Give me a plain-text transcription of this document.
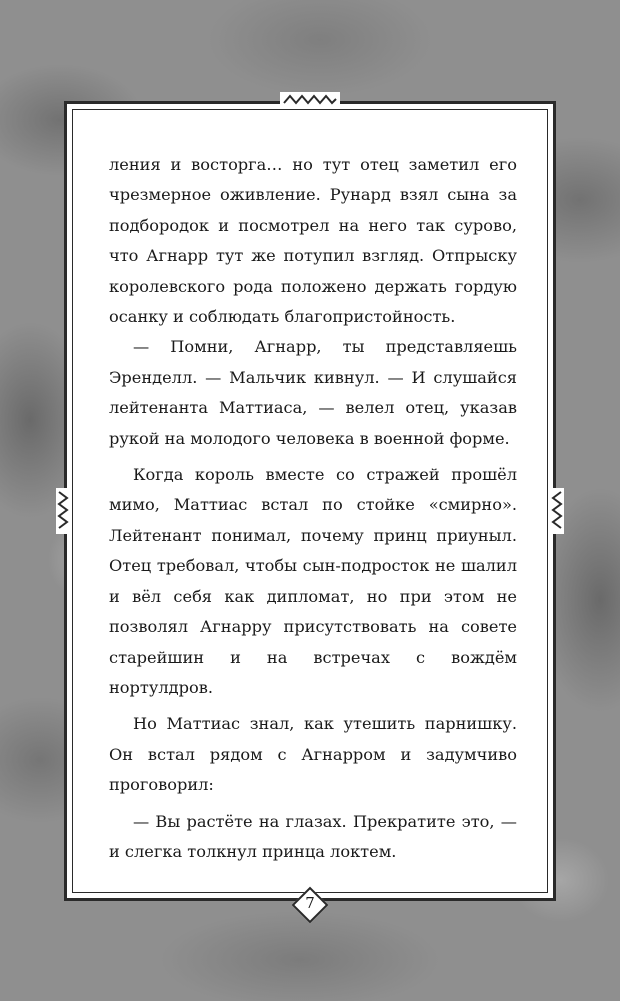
ления и восторга… но тут отец заметил его чрезмерное оживление. Рунард взял сына за подбородок и посмотрел на него так сурово, что Агнарр тут же потупил взгляд. Отпрыску королевского рода положено держать гордую осанку и соблюдать благопристойность.

— Помни, Агнарр, ты представляешь Эренделл. — Мальчик кивнул. — И слушайся лейтенанта Маттиаса, — велел отец, указав рукой на молодого человека в военной форме.

Когда король вместе со стражей прошёл мимо, Маттиас встал по стойке «смирно». Лейтенант понимал, почему принц приуныл. Отец требовал, чтобы сын-подросток не шалил и вёл себя как дипломат, но при этом не позволял Агнарру присутствовать на совете старейшин и на встречах с вождём нортулдров.

Но Маттиас знал, как утешить парнишку. Он встал рядом с Агнарром и задумчиво проговорил:

— Вы растёте на глазах. Прекратите это, — и слегка толкнул принца локтем.

7
